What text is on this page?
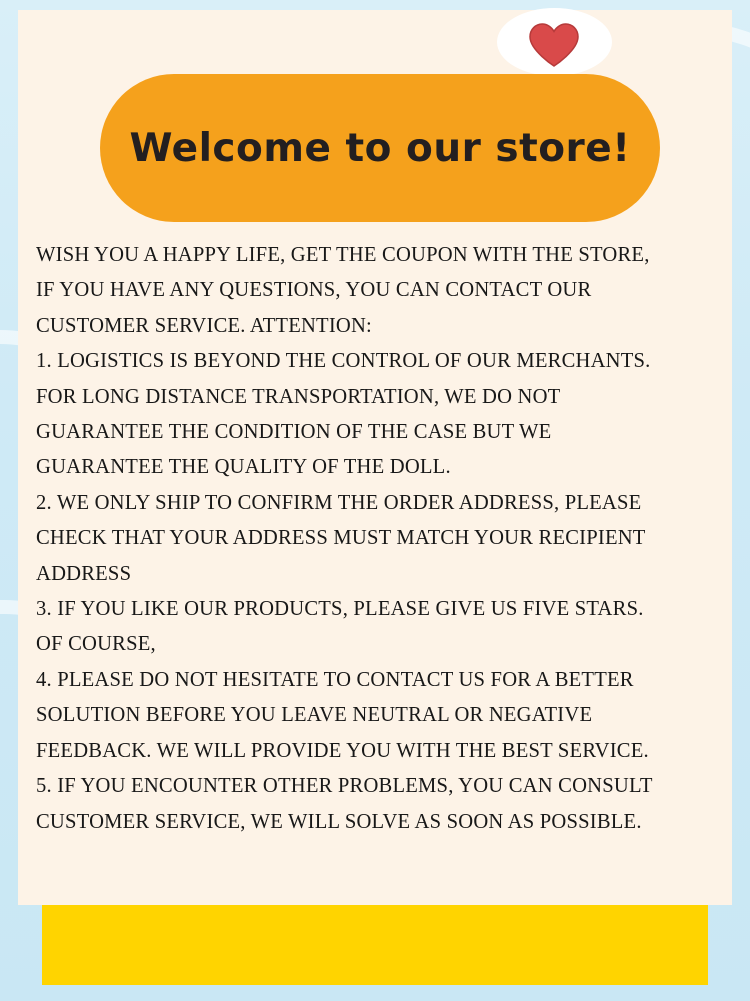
Welcome to our store!
WISH YOU A HAPPY LIFE, GET THE COUPON WITH THE STORE,
IF YOU HAVE ANY QUESTIONS, YOU CAN CONTACT OUR
CUSTOMER SERVICE. ATTENTION:
1. LOGISTICS IS BEYOND THE CONTROL OF OUR MERCHANTS.
FOR LONG DISTANCE TRANSPORTATION, WE DO NOT
GUARANTEE THE CONDITION OF THE CASE BUT WE
GUARANTEE THE QUALITY OF THE DOLL.
2. WE ONLY SHIP TO CONFIRM THE ORDER ADDRESS, PLEASE
CHECK THAT YOUR ADDRESS MUST MATCH YOUR RECIPIENT
ADDRESS
3. IF YOU LIKE OUR PRODUCTS, PLEASE GIVE US FIVE STARS.
OF COURSE,
4. PLEASE DO NOT HESITATE TO CONTACT US FOR A BETTER
SOLUTION BEFORE YOU LEAVE NEUTRAL OR NEGATIVE
FEEDBACK. WE WILL PROVIDE YOU WITH THE BEST SERVICE.
5. IF YOU ENCOUNTER OTHER PROBLEMS, YOU CAN CONSULT
CUSTOMER SERVICE, WE WILL SOLVE AS SOON AS POSSIBLE.
